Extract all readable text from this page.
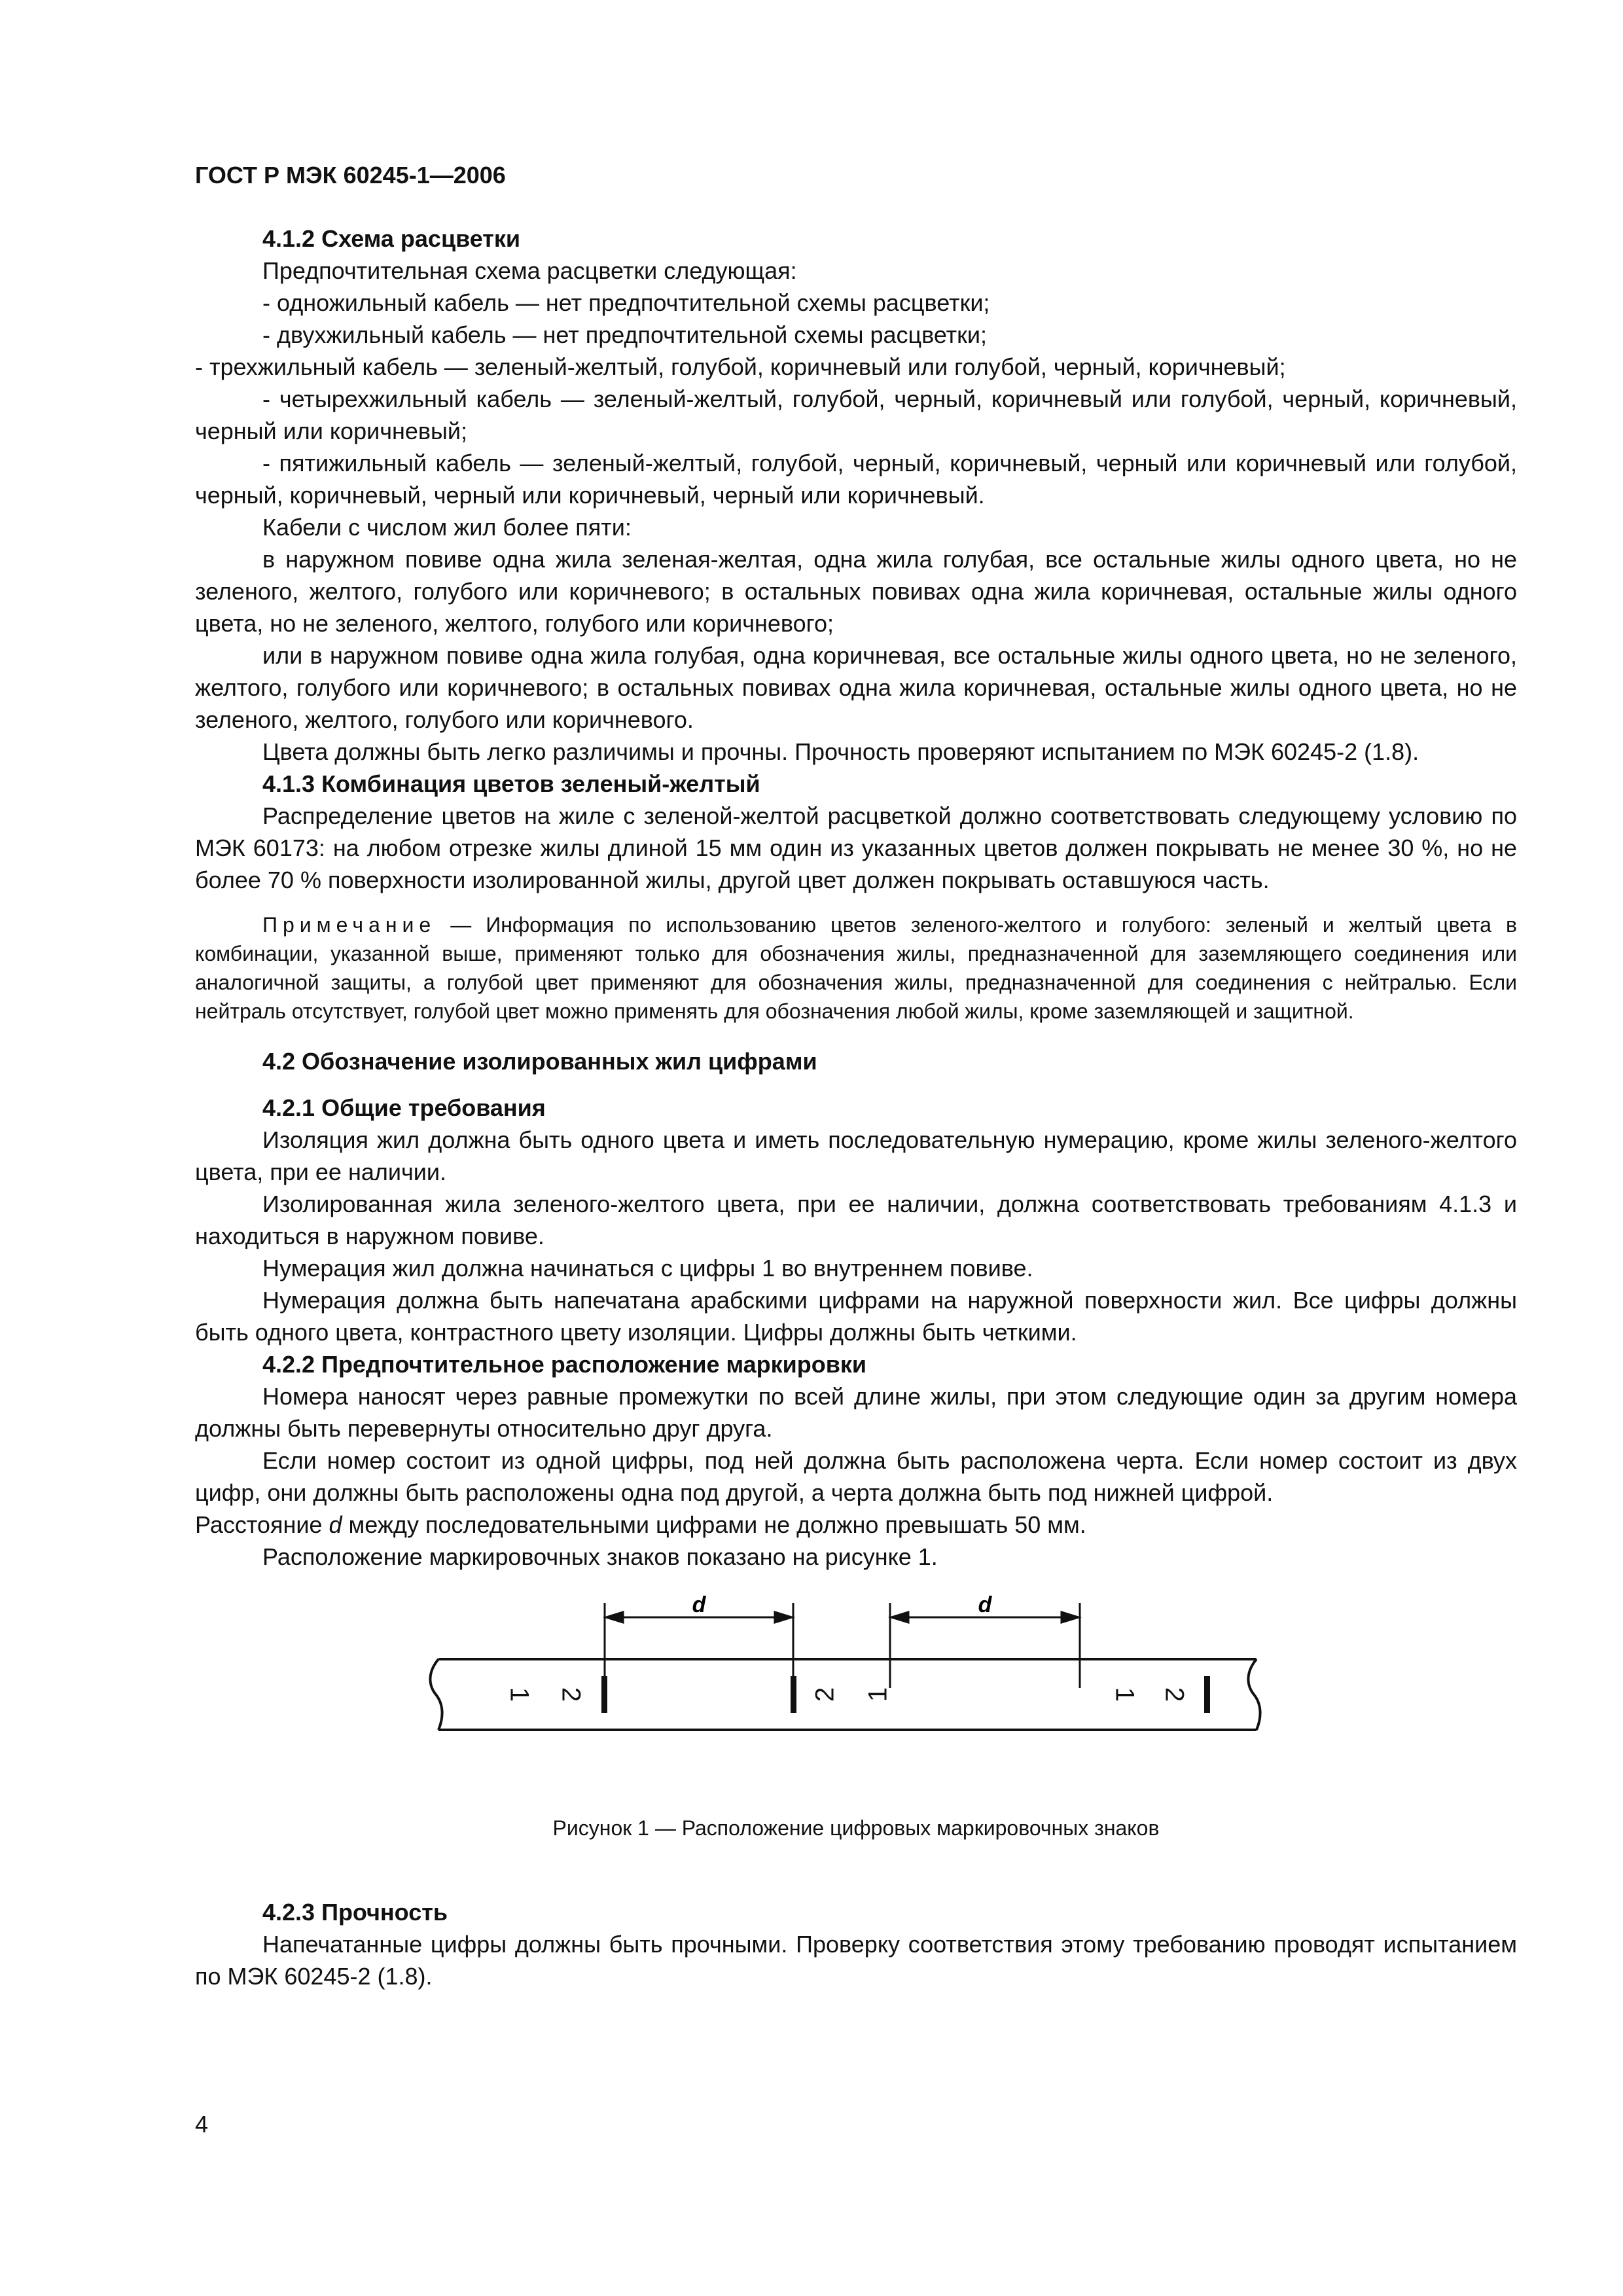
ГОСТ Р МЭК 60245-1—2006

4.1.2 Схема расцветки

Предпочтительная схема расцветки следующая:

- одножильный кабель — нет предпочтительной схемы расцветки;

- двухжильный кабель — нет предпочтительной схемы расцветки;

- трехжильный кабель — зеленый-желтый, голубой, коричневый или голубой, черный, коричневый;

- четырехжильный кабель — зеленый-желтый, голубой, черный, коричневый или голубой, черный, коричневый, черный или коричневый;

- пятижильный кабель — зеленый-желтый, голубой, черный, коричневый, черный или коричневый или голубой, черный, коричневый, черный или коричневый, черный или коричневый.

Кабели с числом жил более пяти:

в наружном повиве одна жила зеленая-желтая, одна жила голубая, все остальные жилы одного цвета, но не зеленого, желтого, голубого или коричневого; в остальных повивах одна жила коричневая, остальные жилы одного цвета, но не зеленого, желтого, голубого или коричневого;

или в наружном повиве одна жила голубая, одна коричневая, все остальные жилы одного цвета, но не зеленого, желтого, голубого или коричневого; в остальных повивах одна жила коричневая, остальные жилы одного цвета, но не зеленого, желтого, голубого или коричневого.

Цвета должны быть легко различимы и прочны. Прочность проверяют испытанием по МЭК 60245-2 (1.8).

4.1.3 Комбинация цветов зеленый-желтый

Распределение цветов на жиле с зеленой-желтой расцветкой должно соответствовать следующему условию по МЭК 60173: на любом отрезке жилы длиной 15 мм один из указанных цветов должен покрывать не менее 30 %, но не более 70 % поверхности изолированной жилы, другой цвет должен покрывать оставшуюся часть.

Примечание — Информация по использованию цветов зеленого-желтого и голубого: зеленый и желтый цвета в комбинации, указанной выше, применяют только для обозначения жилы, предназначенной для заземляющего соединения или аналогичной защиты, а голубой цвет применяют для обозначения жилы, предназначенной для соединения с нейтралью. Если нейтраль отсутствует, голубой цвет можно применять для обозначения любой жилы, кроме заземляющей и защитной.

4.2 Обозначение изолированных жил цифрами

4.2.1 Общие требования

Изоляция жил должна быть одного цвета и иметь последовательную нумерацию, кроме жилы зеленого-желтого цвета, при ее наличии.

Изолированная жила зеленого-желтого цвета, при ее наличии, должна соответствовать требованиям 4.1.3 и находиться в наружном повиве.

Нумерация жил должна начинаться с цифры 1 во внутреннем повиве.

Нумерация должна быть напечатана арабскими цифрами на наружной поверхности жил. Все цифры должны быть одного цвета, контрастного цвету изоляции. Цифры должны быть четкими.

4.2.2 Предпочтительное расположение маркировки

Номера наносят через равные промежутки по всей длине жилы, при этом следующие один за другим номера должны быть перевернуты относительно друг друга.

Если номер состоит из одной цифры, под ней должна быть расположена черта. Если номер состоит из двух цифр, они должны быть расположены одна под другой, а черта должна быть под нижней цифрой.

Расстояние d между последовательными цифрами не должно превышать 50 мм.

Расположение маркировочных знаков показано на рисунке 1.

d	d
1 2	2 1	1 2
Рисунок 1 — Расположение цифровых маркировочных знаков

4.2.3 Прочность

Напечатанные цифры должны быть прочными. Проверку соответствия этому требованию проводят испытанием по МЭК 60245-2 (1.8).

4
